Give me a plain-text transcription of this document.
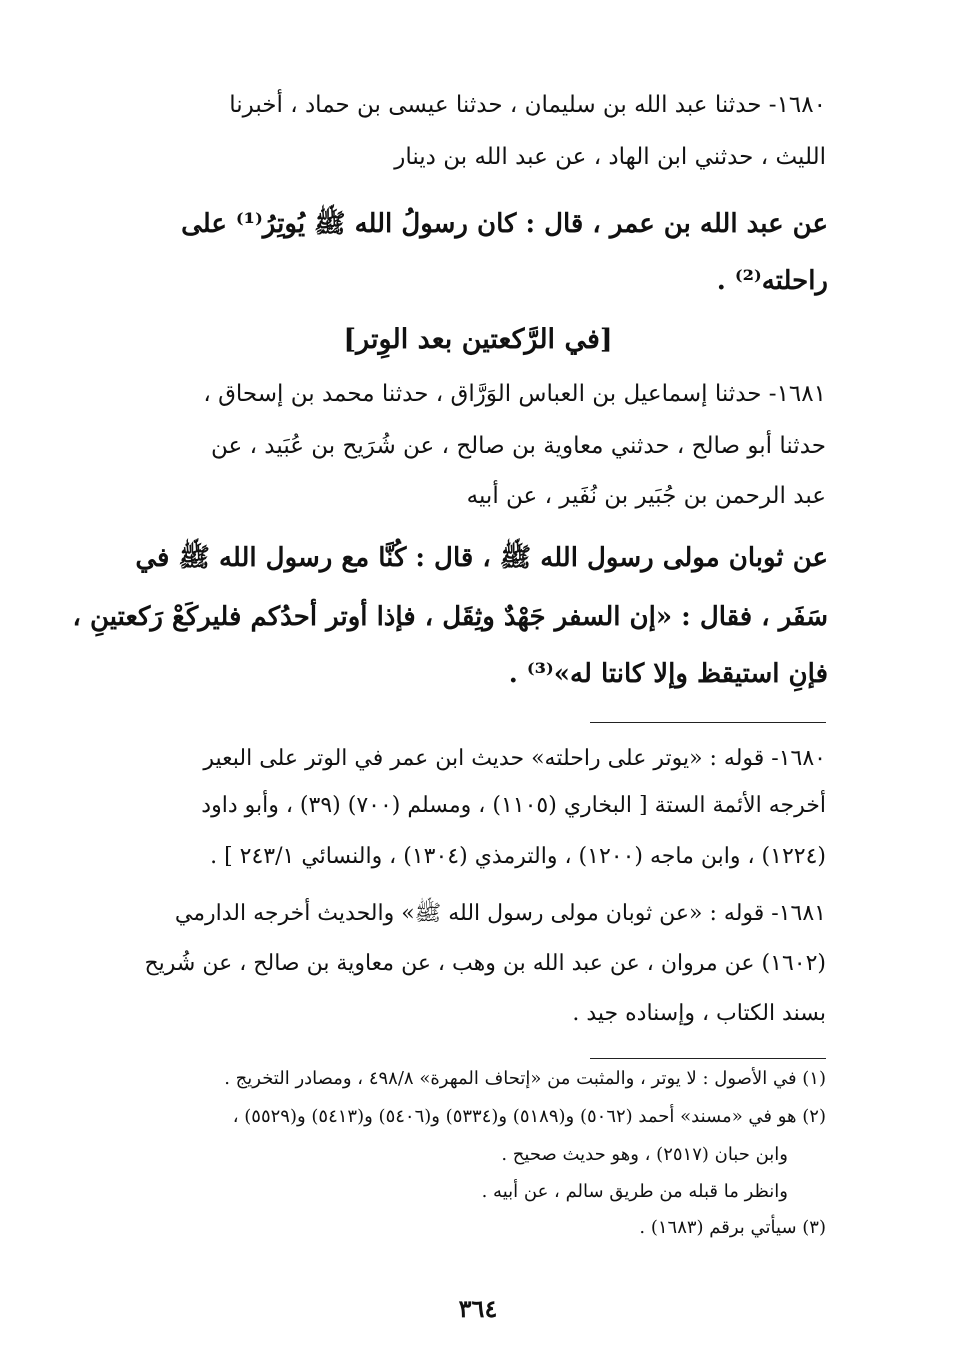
١٦٨٠- حدثنا عبد الله بن سليمان ، حدثنا عيسى بن حماد ، أخبرنا
الليث ، حدثني ابن الهاد ، عن عبد الله بن دينار
عن عبد الله بن عمر ، قال : كان رسولُ الله ﷺ يُوتِرُ⁽¹⁾ على
راحلته⁽²⁾ .
[في الرَّكعتين بعد الوِتر]
١٦٨١- حدثنا إسماعيل بن العباس الوَرَّاق ، حدثنا محمد بن إسحاق ،
حدثنا أبو صالح ، حدثني معاوية بن صالح ، عن شُرَيح بن عُبَيد ، عن
عبد الرحمن بن جُبَير بن نُفَير ، عن أبيه
عن ثوبان مولى رسول الله ﷺ ، قال : كُنَّا مع رسول الله ﷺ في
سَفَر ، فقال : «إن السفر جَهْدٌ وثِقَل ، فإذا أوتر أحدُكم فليركَعْ رَكعتينِ ،
فإنِ استيقظ وإلا كانتا له»⁽³⁾ .
١٦٨٠- قوله : «يوتر على راحلته» حديث ابن عمر في الوتر على البعير
أخرجه الأئمة الستة [ البخاري (١١٠٥) ، ومسلم (٧٠٠) (٣٩) ، وأبو داود
(١٢٢٤) ، وابن ماجه (١٢٠٠) ، والترمذي (١٣٠٤) ، والنسائي ٢٤٣/١ ] .
١٦٨١- قوله : «عن ثوبان مولى رسول الله ﷺ» والحديث أخرجه الدارمي
(١٦٠٢) عن مروان ، عن عبد الله بن وهب ، عن معاوية بن صالح ، عن شُريح
بسند الكتاب ، وإسناده جيد .
(١) في الأصول : لا يوتر ، والمثبت من «إتحاف المهرة» ٤٩٨/٨ ، ومصادر التخريج .
(٢) هو في «مسند» أحمد (٥٠٦٢) و(٥١٨٩) و(٥٣٣٤) و(٥٤٠٦) و(٥٤١٣) و(٥٥٢٩) ،
وابن حبان (٢٥١٧) ، وهو حديث صحيح .
وانظر ما قبله من طريق سالم ، عن أبيه .
(٣) سيأتي برقم (١٦٨٣) .
٣٦٤
